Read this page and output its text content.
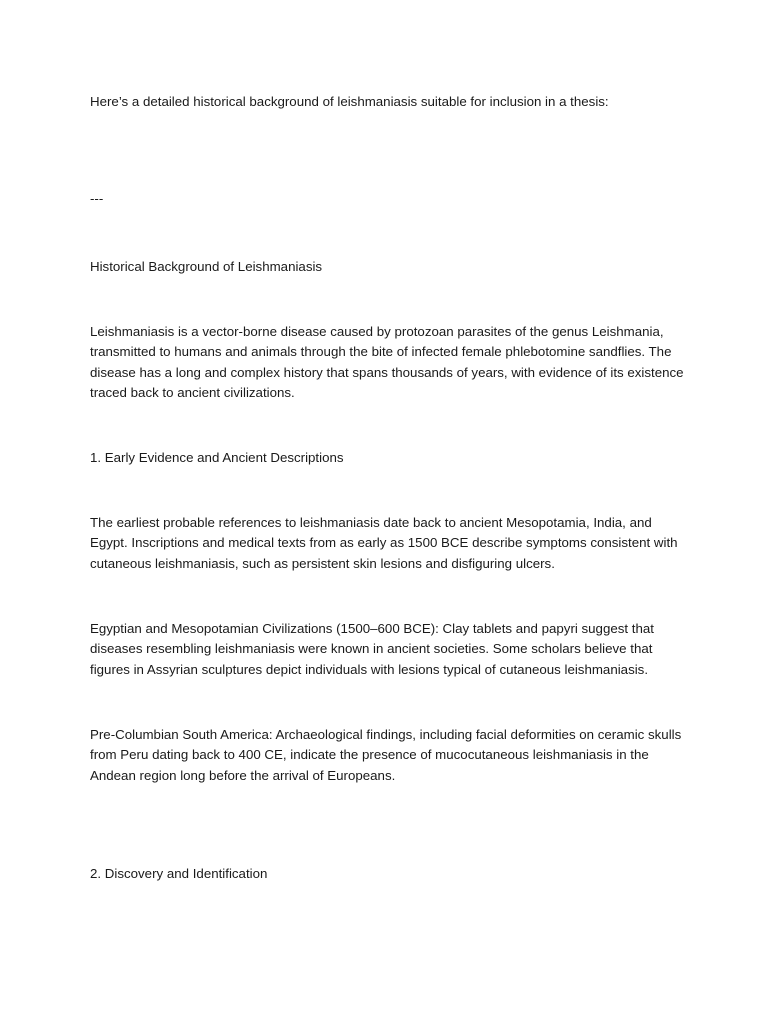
Here’s a detailed historical background of leishmaniasis suitable for inclusion in a thesis:

---

Historical Background of Leishmaniasis

Leishmaniasis is a vector-borne disease caused by protozoan parasites of the genus Leishmania, transmitted to humans and animals through the bite of infected female phlebotomine sandflies. The disease has a long and complex history that spans thousands of years, with evidence of its existence traced back to ancient civilizations.

1. Early Evidence and Ancient Descriptions

The earliest probable references to leishmaniasis date back to ancient Mesopotamia, India, and Egypt. Inscriptions and medical texts from as early as 1500 BCE describe symptoms consistent with cutaneous leishmaniasis, such as persistent skin lesions and disfiguring ulcers.

Egyptian and Mesopotamian Civilizations (1500–600 BCE): Clay tablets and papyri suggest that diseases resembling leishmaniasis were known in ancient societies. Some scholars believe that figures in Assyrian sculptures depict individuals with lesions typical of cutaneous leishmaniasis.

Pre-Columbian South America: Archaeological findings, including facial deformities on ceramic skulls from Peru dating back to 400 CE, indicate the presence of mucocutaneous leishmaniasis in the Andean region long before the arrival of Europeans.

2. Discovery and Identification
